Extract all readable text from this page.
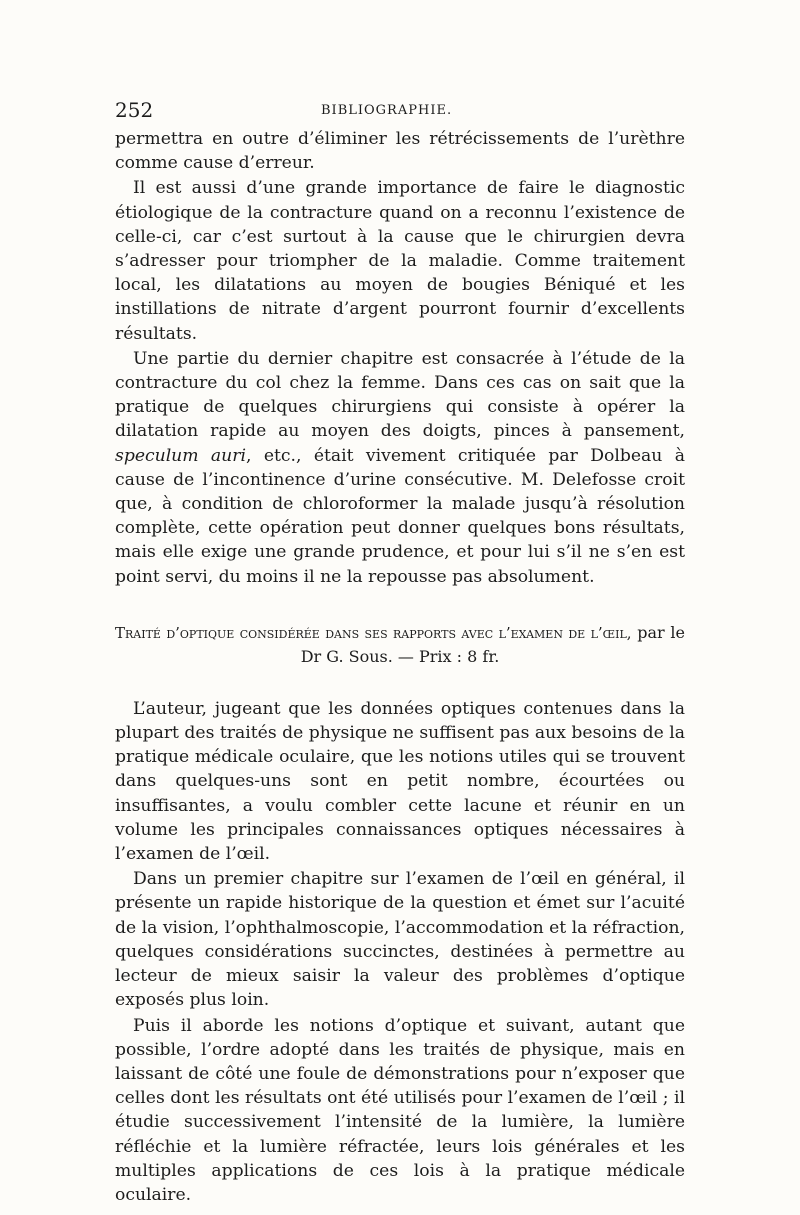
252	BIBLIOGRAPHIE.

permettra en outre d’éliminer les rétrécissements de l’urèthre comme cause d’erreur.

Il est aussi d’une grande importance de faire le diagnostic étiologique de la contracture quand on a reconnu l’existence de celle-ci, car c’est surtout à la cause que le chirurgien devra s’adresser pour triompher de la maladie. Comme traitement local, les dilatations au moyen de bougies Béniqué et les instillations de nitrate d’argent pourront fournir d’excellents résultats.

Une partie du dernier chapitre est consacrée à l’étude de la contracture du col chez la femme. Dans ces cas on sait que la pratique de quelques chirurgiens qui consiste à opérer la dilatation rapide au moyen des doigts, pinces à pansement, speculum auri, etc., était vivement critiquée par Dolbeau à cause de l’incontinence d’urine consécutive. M. Delefosse croit que, à condition de chloroformer la malade jusqu’à résolution complète, cette opération peut donner quelques bons résultats, mais elle exige une grande prudence, et pour lui s’il ne s’en est point servi, du moins il ne la repousse pas absolument.

Traité d’optique considérée dans ses rapports avec l’examen de l’œil, par le Dr G. Sous. — Prix : 8 fr.

L’auteur, jugeant que les données optiques contenues dans la plupart des traités de physique ne suffisent pas aux besoins de la pratique médicale oculaire, que les notions utiles qui se trouvent dans quelques-uns sont en petit nombre, écourtées ou insuffisantes, a voulu combler cette lacune et réunir en un volume les principales connaissances optiques nécessaires à l’examen de l’œil.

Dans un premier chapitre sur l’examen de l’œil en général, il présente un rapide historique de la question et émet sur l’acuité de la vision, l’ophthalmoscopie, l’accommodation et la réfraction, quelques considérations succinctes, destinées à permettre au lecteur de mieux saisir la valeur des problèmes d’optique exposés plus loin.

Puis il aborde les notions d’optique et suivant, autant que possible, l’ordre adopté dans les traités de physique, mais en laissant de côté une foule de démonstrations pour n’exposer que celles dont les résultats ont été utilisés pour l’examen de l’œil ; il étudie successivement l’intensité de la lumière, la lumière réfléchie et la lumière réfractée, leurs lois générales et les multiples applications de ces lois à la pratique médicale oculaire.
